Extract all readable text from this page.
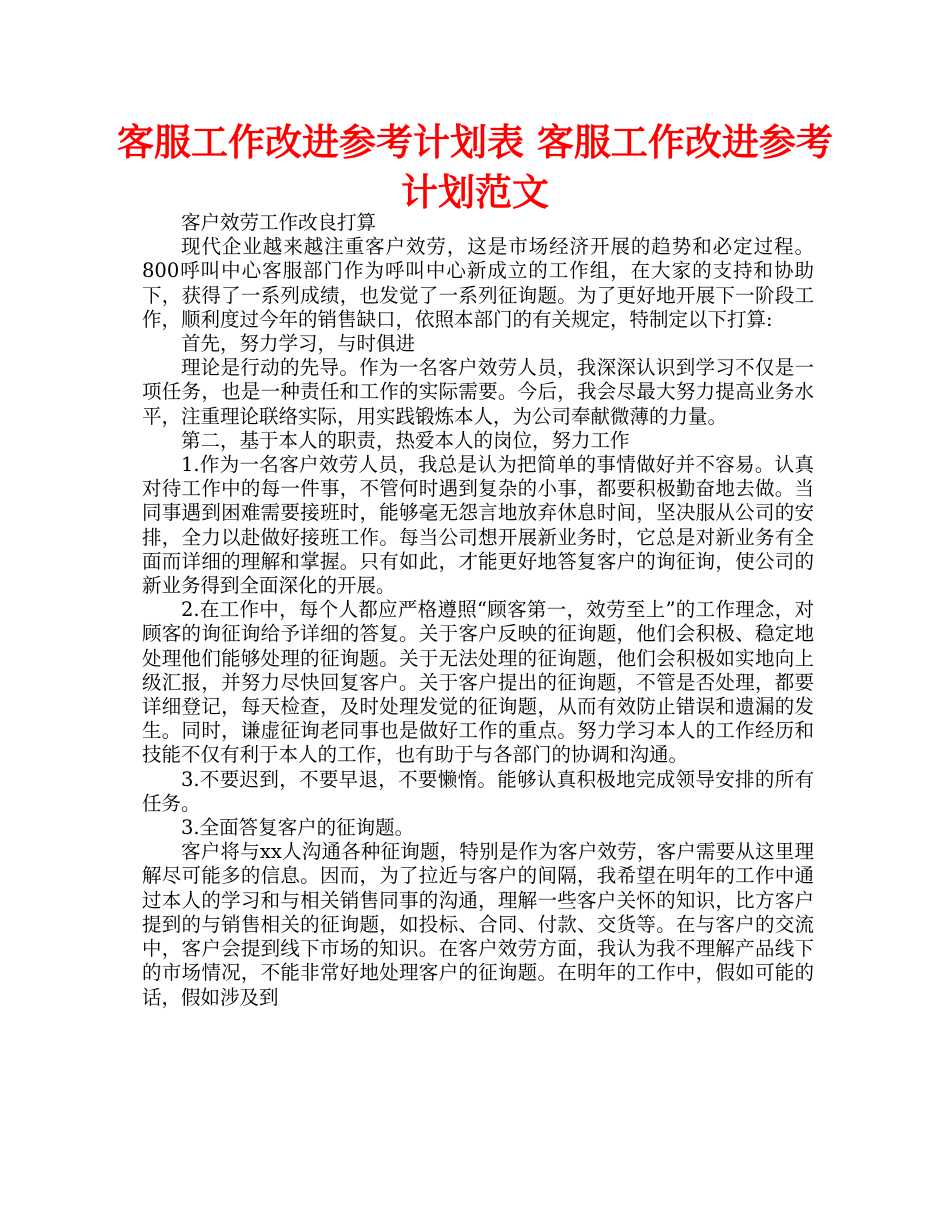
客服工作改进参考计划表 客服工作改进参考计划范文

客户效劳工作改良打算

现代企业越来越注重客户效劳，这是市场经济开展的趋势和必定过程。800呼叫中心客服部门作为呼叫中心新成立的工作组，在大家的支持和协助下，获得了一系列成绩，也发觉了一系列征询题。为了更好地开展下一阶段工作，顺利度过今年的销售缺口，依照本部门的有关规定，特制定以下打算:

首先，努力学习，与时俱进

理论是行动的先导。作为一名客户效劳人员，我深深认识到学习不仅是一项任务，也是一种责任和工作的实际需要。今后，我会尽最大努力提高业务水平，注重理论联络实际，用实践锻炼本人，为公司奉献微薄的力量。

第二，基于本人的职责，热爱本人的岗位，努力工作

1.作为一名客户效劳人员，我总是认为把简单的事情做好并不容易。认真对待工作中的每一件事，不管何时遇到复杂的小事，都要积极勤奋地去做。当同事遇到困难需要接班时，能够毫无怨言地放弃休息时间，坚决服从公司的安排，全力以赴做好接班工作。每当公司想开展新业务时，它总是对新业务有全面而详细的理解和掌握。只有如此，才能更好地答复客户的询征询，使公司的新业务得到全面深化的开展。

2.在工作中，每个人都应严格遵照“顾客第一，效劳至上”的工作理念，对顾客的询征询给予详细的答复。关于客户反映的征询题，他们会积极、稳定地处理他们能够处理的征询题。关于无法处理的征询题，他们会积极如实地向上级汇报，并努力尽快回复客户。关于客户提出的征询题，不管是否处理，都要详细登记，每天检查，及时处理发觉的征询题，从而有效防止错误和遗漏的发生。同时，谦虚征询老同事也是做好工作的重点。努力学习本人的工作经历和技能不仅有利于本人的工作，也有助于与各部门的协调和沟通。

3.不要迟到，不要早退，不要懒惰。能够认真积极地完成领导安排的所有任务。

3.全面答复客户的征询题。

客户将与xx人沟通各种征询题，特别是作为客户效劳，客户需要从这里理解尽可能多的信息。因而，为了拉近与客户的间隔，我希望在明年的工作中通过本人的学习和与相关销售同事的沟通，理解一些客户关怀的知识，比方客户提到的与销售相关的征询题，如投标、合同、付款、交货等。在与客户的交流中，客户会提到线下市场的知识。在客户效劳方面，我认为我不理解产品线下的市场情况，不能非常好地处理客户的征询题。在明年的工作中，假如可能的话，假如涉及到
